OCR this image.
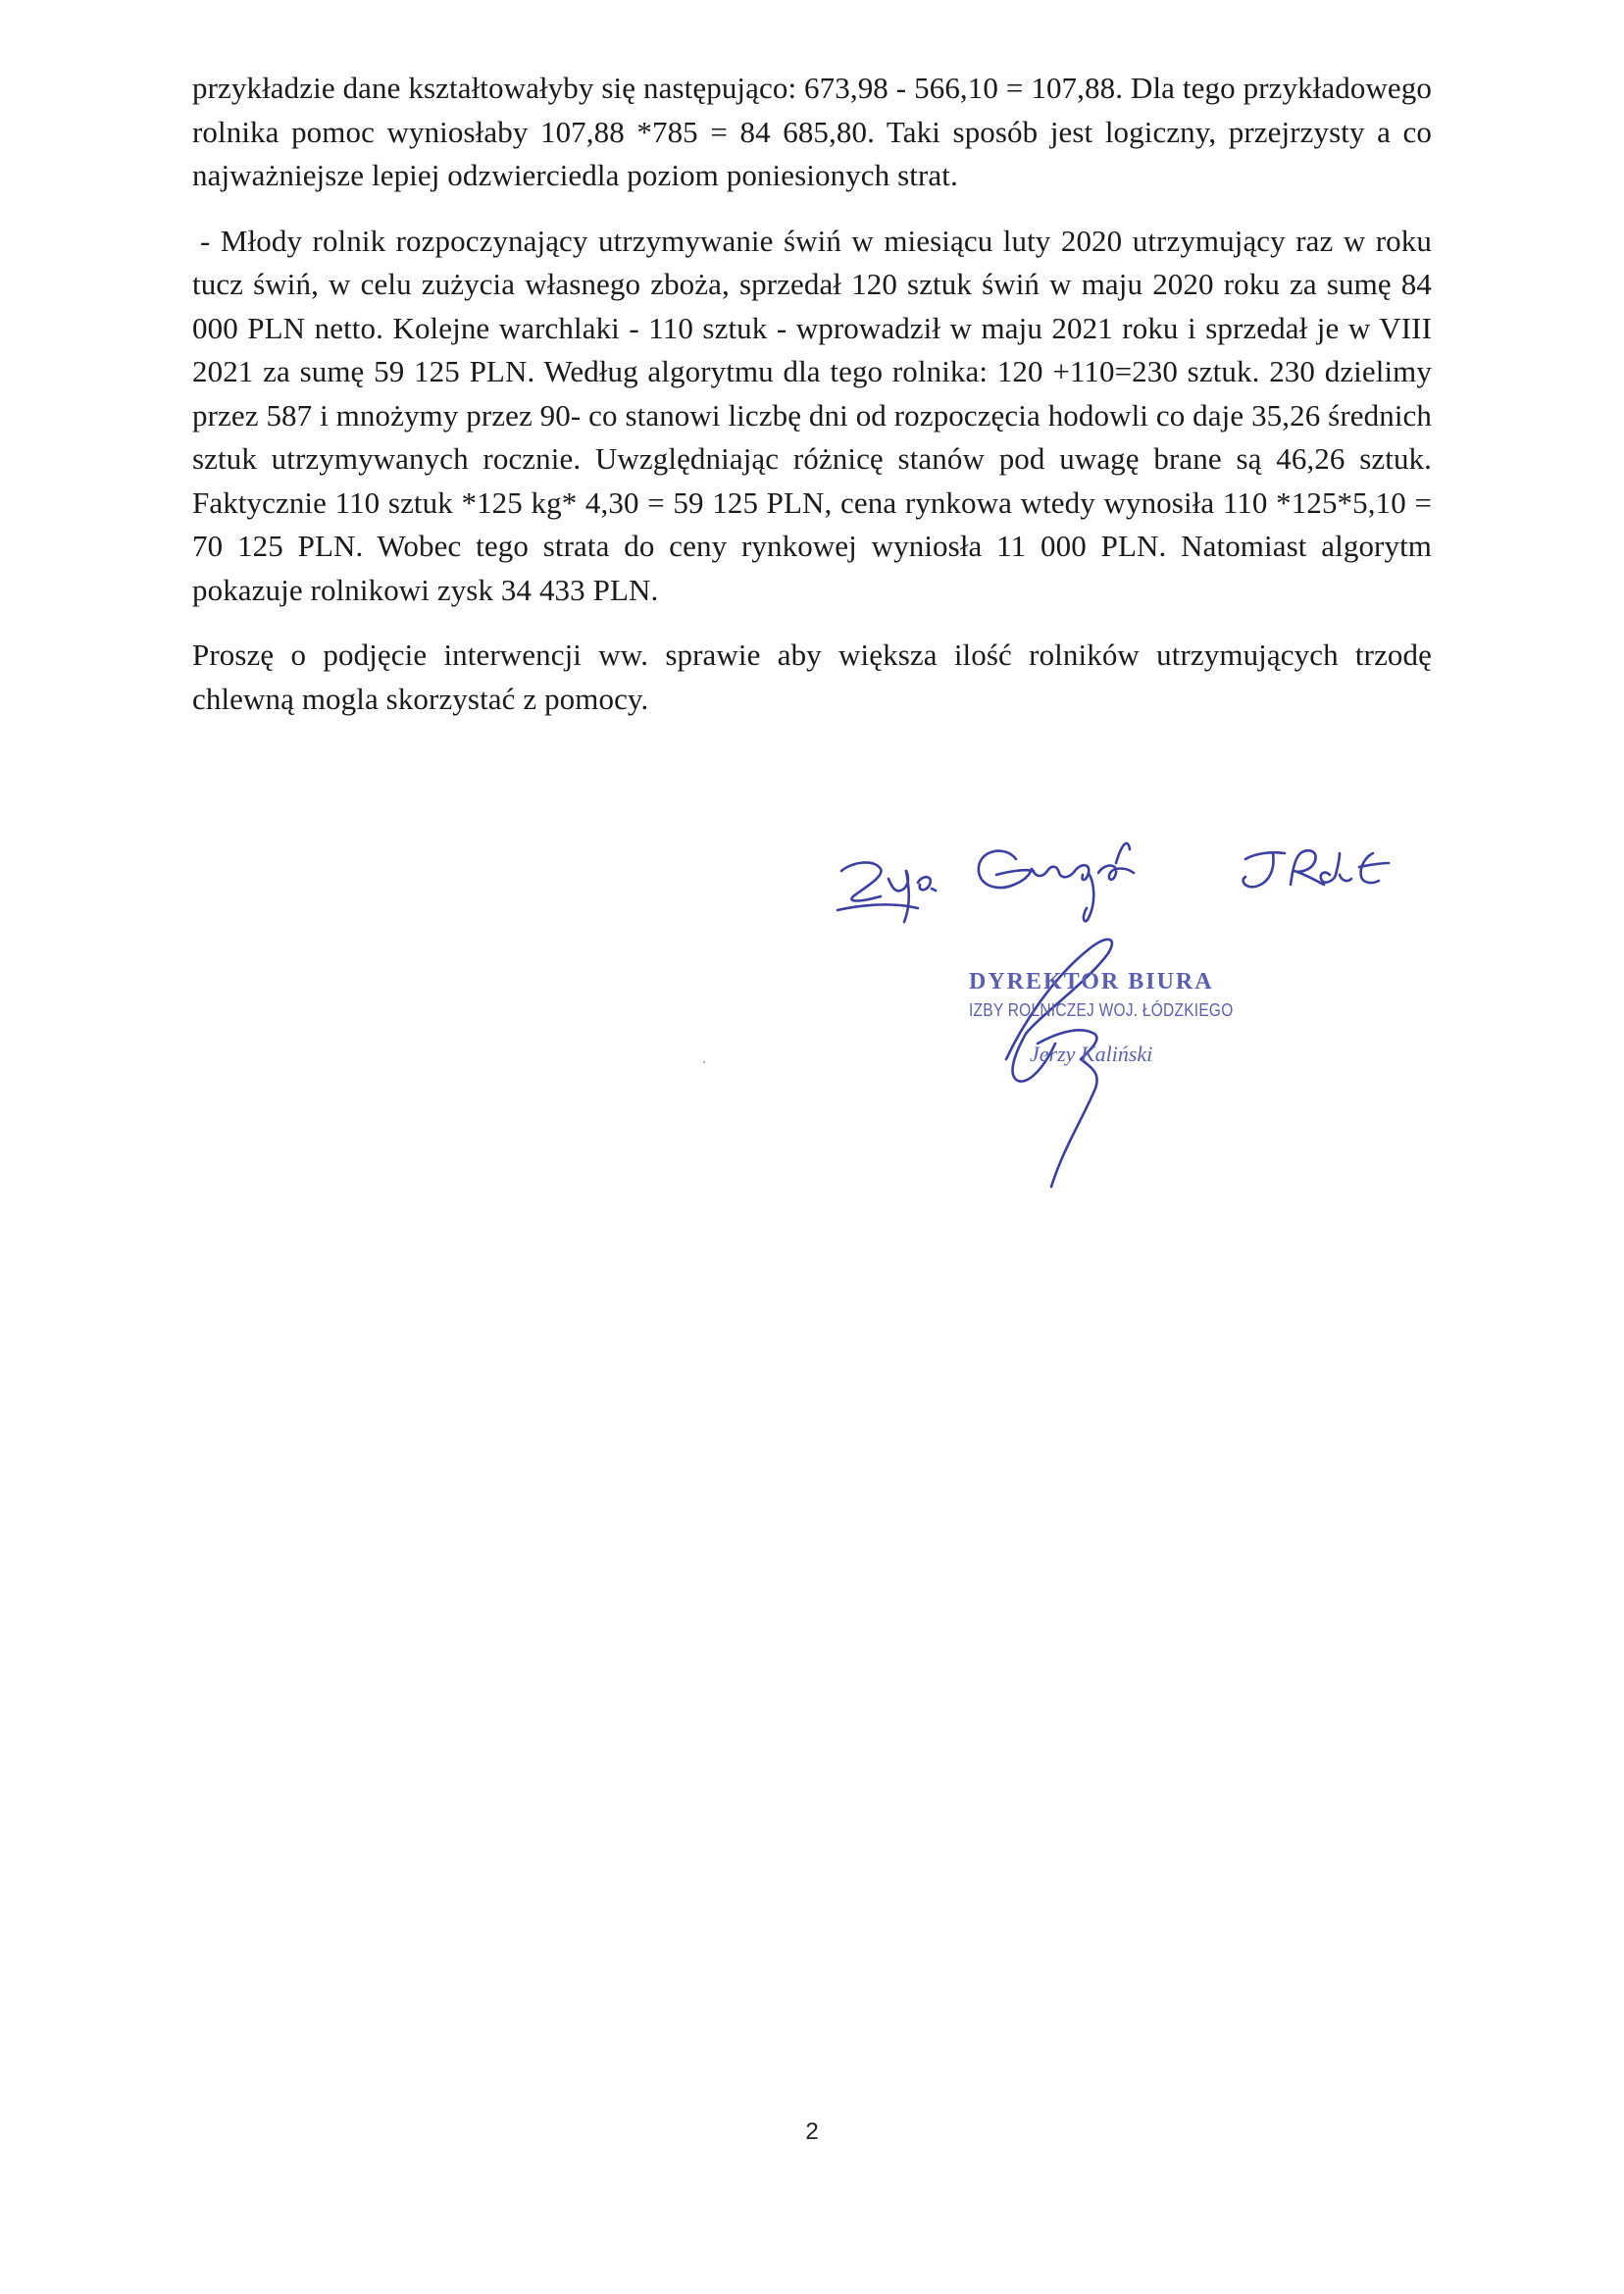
przykładzie dane kształtowałyby się następująco: 673,98 - 566,10 = 107,88. Dla tego przykładowego rolnika pomoc wyniosłaby 107,88 *785 = 84 685,80. Taki sposób jest logiczny, przejrzysty a co najważniejsze lepiej odzwierciedla poziom poniesionych strat.

- Młody rolnik rozpoczynający utrzymywanie świń w miesiącu luty 2020 utrzymujący raz w roku tucz świń, w celu zużycia własnego zboża, sprzedał 120 sztuk świń w maju 2020 roku za sumę 84 000 PLN netto. Kolejne warchlaki - 110 sztuk - wprowadził w maju 2021 roku i sprzedał je w VIII 2021 za sumę 59 125 PLN. Według algorytmu dla tego rolnika: 120 +110=230 sztuk. 230 dzielimy przez 587 i mnożymy przez 90- co stanowi liczbę dni od rozpoczęcia hodowli co daje 35,26 średnich sztuk utrzymywanych rocznie. Uwzględniając różnicę stanów pod uwagę brane są 46,26 sztuk. Faktycznie 110 sztuk *125 kg* 4,30 = 59 125 PLN, cena rynkowa wtedy wynosiła 110 *125*5,10 = 70 125 PLN. Wobec tego strata do ceny rynkowej wyniosła 11 000 PLN. Natomiast algorytm pokazuje rolnikowi zysk 34 433 PLN.

Proszę o podjęcie interwencji ww. sprawie aby większa ilość rolników utrzymujących trzodę chlewną mogla skorzystać z pomocy.

DYREKTOR BIURA
IZBY ROLNICZEJ WOJ. ŁÓDZKIEGO
Jerzy Kaliński
2
